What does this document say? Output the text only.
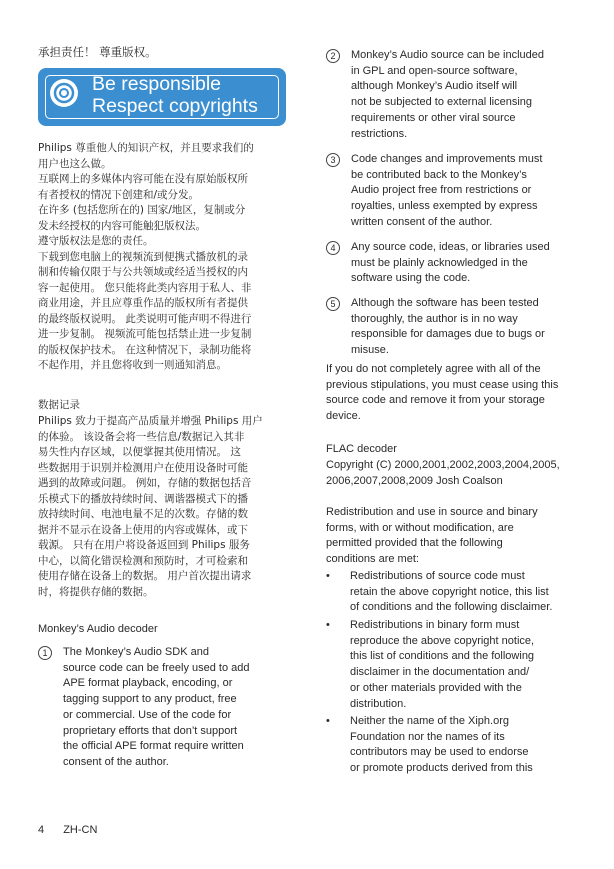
承担责任！ 尊重版权。
Be responsible
Respect copyrights

Philips 尊重他人的知识产权，并且要求我们的
用户也这么做。
互联网上的多媒体内容可能在没有原始版权所
有者授权的情况下创建和/或分发。
在许多 (包括您所在的) 国家/地区，复制或分
发未经授权的内容可能触犯版权法。
遵守版权法是您的责任。
下载到您电脑上的视频流到便携式播放机的录
制和传输仅限于与公共领域或经适当授权的内
容一起使用。 您只能将此类内容用于私人、非
商业用途，并且应尊重作品的版权所有者提供
的最终版权说明。 此类说明可能声明不得进行
进一步复制。 视频流可能包括禁止进一步复制
的版权保护技术。 在这种情况下，录制功能将
不起作用，并且您将收到一则通知消息。

数据记录

Philips 致力于提高产品质量并增强 Philips 用户
的体验。 该设备会将一些信息/数据记入其非
易失性内存区域，以便掌握其使用情况。 这
些数据用于识别并检测用户在使用设备时可能
遇到的故障或问题。 例如，存储的数据包括音
乐模式下的播放持续时间、调谐器模式下的播
放持续时间、电池电量不足的次数。存储的数
据并不显示在设备上使用的内容或媒体，或下
载源。 只有在用户将设备返回到 Philips 服务
中心，以简化错误检测和预防时，才可检索和
使用存储在设备上的数据。 用户首次提出请求
时，将提供存储的数据。

Monkey’s Audio decoder
1	The Monkey’s Audio SDK and
source code can be freely used to add
APE format playback, encoding, or
tagging support to any product, free
or commercial. Use of the code for
proprietary efforts that don’t support
the official APE format require written
consent of the author.
2	Monkey’s Audio source can be included
in GPL and open-source software,
although Monkey’s Audio itself will
not be subjected to external licensing
requirements or other viral source
restrictions.
3	Code changes and improvements must
be contributed back to the Monkey’s
Audio project free from restrictions or
royalties, unless exempted by express
written consent of the author.
4	Any source code, ideas, or libraries used
must be plainly acknowledged in the
software using the code.
5	Although the software has been tested
thoroughly, the author is in no way
responsible for damages due to bugs or
misuse.

If you do not completely agree with all of the
previous stipulations, you must cease using this
source code and remove it from your storage
device.

FLAC decoder

Copyright (C) 2000,2001,2002,2003,2004,2005,
2006,2007,2008,2009 Josh Coalson

Redistribution and use in source and binary
forms, with or without modification, are
permitted provided that the following
conditions are met:

• Redistributions of source code must
retain the above copyright notice, this list
of conditions and the following disclaimer.
• Redistributions in binary form must
reproduce the above copyright notice,
this list of conditions and the following
disclaimer in the documentation and/
or other materials provided with the
distribution.
• Neither the name of the Xiph.org
Foundation nor the names of its
contributors may be used to endorse
or promote products derived from this
4 ZH-CN
